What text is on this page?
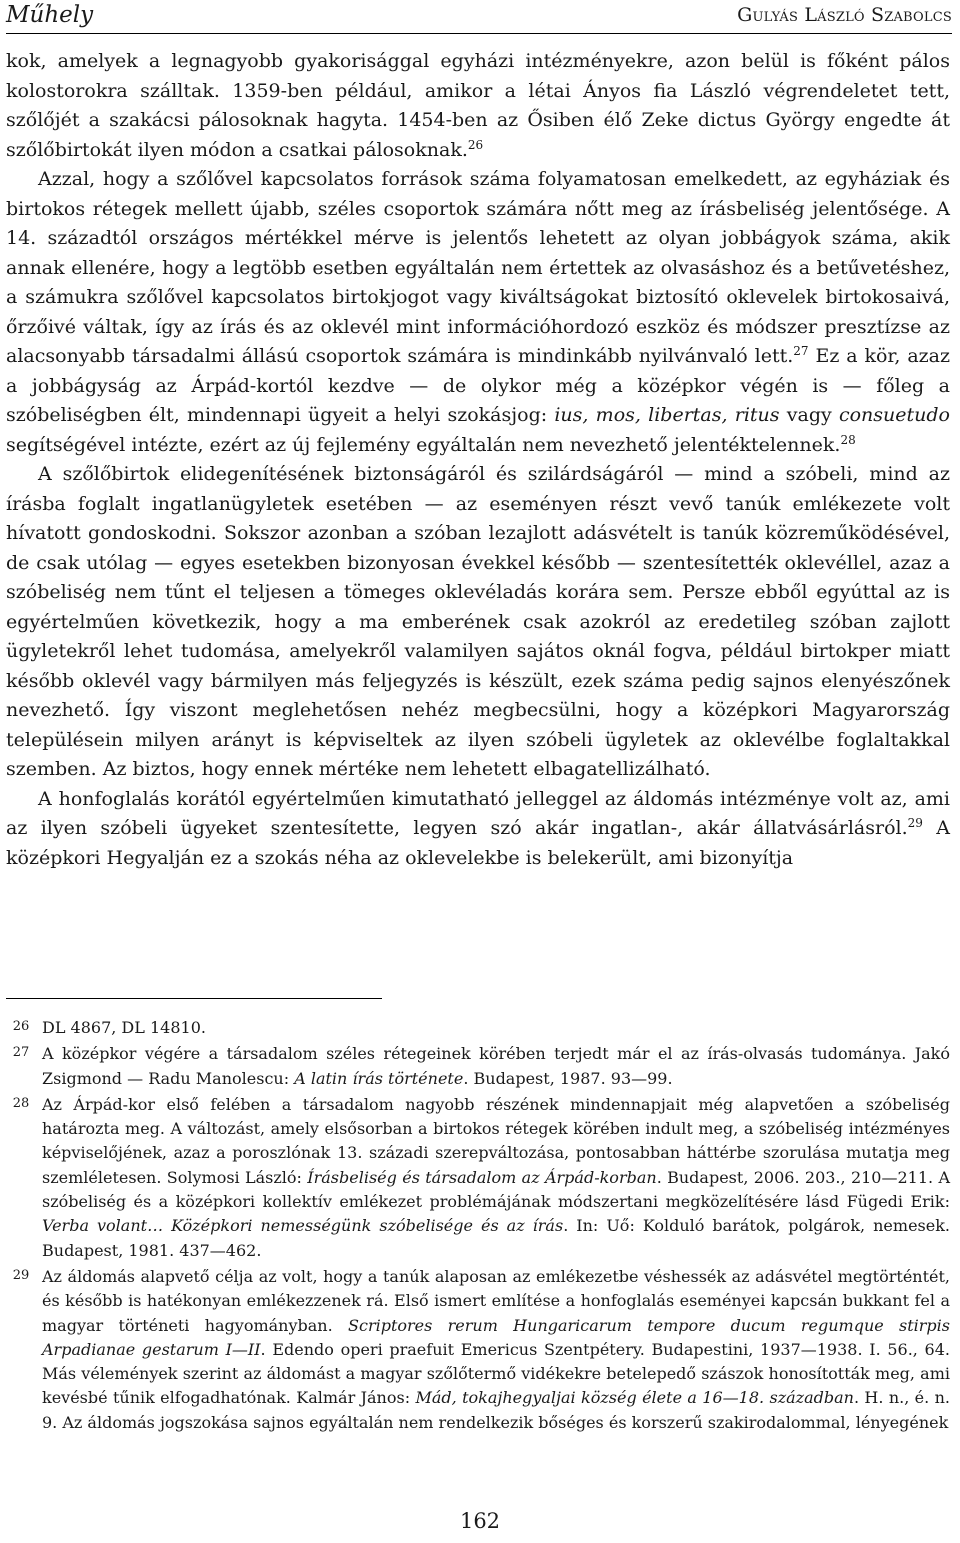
Műhely	Gulyás László Szabolcs

kok, amelyek a legnagyobb gyakorisággal egyházi intézményekre, azon belül is főként pálos kolostorokra szálltak. 1359-ben például, amikor a létai Ányos fia László végrendeletet tett, szőlőjét a szakácsi pálosoknak hagyta. 1454-ben az Ősiben élő Zeke dictus György engedte át szőlőbirtokát ilyen módon a csatkai pálosoknak.$^{26}$

Azzal, hogy a szőlővel kapcsolatos források száma folyamatosan emelkedett, az egyháziak és birtokos rétegek mellett újabb, széles csoportok számára nőtt meg az írásbeliség jelentősége. A 14. századtól országos mértékkel mérve is jelentős lehetett az olyan jobbágyok száma, akik annak ellenére, hogy a legtöbb esetben egyáltalán nem értettek az olvasáshoz és a betűvetéshez, a számukra szőlővel kapcsolatos birtokjogot vagy kiváltságokat biztosító oklevelek birtokosaivá, őrzőivé váltak, így az írás és az oklevél mint információhordozó eszköz és módszer presztízse az alacsonyabb társadalmi állású csoportok számára is mindinkább nyilvánvaló lett.$^{27}$ Ez a kör, azaz a jobbágyság az Árpád-kortól kezdve — de olykor még a középkor végén is — főleg a szóbeliségben élt, mindennapi ügyeit a helyi szokásjog: ius, mos, libertas, ritus vagy consuetudo segítségével intézte, ezért az új fejlemény egyáltalán nem nevezhető jelentéktelennek.$^{28}$

A szőlőbirtok elidegenítésének biztonságáról és szilárdságáról — mind a szóbeli, mind az írásba foglalt ingatlanügyletek esetében — az eseményen részt vevő tanúk emlékezete volt hívatott gondoskodni. Sokszor azonban a szóban lezajlott adásvételt is tanúk közreműködésével, de csak utólag — egyes esetekben bizonyosan évekkel később — szentesítették oklevéllel, azaz a szóbeliség nem tűnt el teljesen a tömeges oklevéladás korára sem. Persze ebből egyúttal az is egyértelműen következik, hogy a ma emberének csak azokról az eredetileg szóban zajlott ügyletekről lehet tudomása, amelyekről valamilyen sajátos oknál fogva, például birtokper miatt később oklevél vagy bármilyen más feljegyzés is készült, ezek száma pedig sajnos elenyészőnek nevezhető. Így viszont meglehetősen nehéz megbecsülni, hogy a középkori Magyarország településein milyen arányt is képviseltek az ilyen szóbeli ügyletek az oklevélbe foglaltakkal szemben. Az biztos, hogy ennek mértéke nem lehetett elbagatellizálható.

A honfoglalás korától egyértelműen kimutatható jelleggel az áldomás intézménye volt az, ami az ilyen szóbeli ügyeket szentesítette, legyen szó akár ingatlan-, akár állatvásárlásról.$^{29}$ A középkori Hegyalján ez a szokás néha az oklevelekbe is belekerült, ami bizonyítja

26 DL 4867, DL 14810.
27 A középkor végére a társadalom széles rétegeinek körében terjedt már el az írás-olvasás tudománya. Jakó Zsigmond — Radu Manolescu: A latin írás története. Budapest, 1987. 93—99.
28 Az Árpád-kor első felében a társadalom nagyobb részének mindennapjait még alapvetően a szóbeliség határozta meg. A változást, amely elsősorban a birtokos rétegek körében indult meg, a szóbeliség intézményes képviselőjének, azaz a poroszlónak 13. századi szerepváltozása, pontosabban háttérbe szorulása mutatja meg szemléletesen. Solymosi László: Írásbeliség és társadalom az Árpád-korban. Budapest, 2006. 203., 210—211. A szóbeliség és a középkori kollektív emlékezet problémájának módszertani megközelítésére lásd Fügedi Erik: Verba volant… Középkori nemességünk szóbelisége és az írás. In: Uő: Kolduló barátok, polgárok, nemesek. Budapest, 1981. 437—462.
29 Az áldomás alapvető célja az volt, hogy a tanúk alaposan az emlékezetbe véshessék az adásvétel megtörténtét, és később is hatékonyan emlékezzenek rá. Első ismert említése a honfoglalás eseményei kapcsán bukkant fel a magyar történeti hagyományban. Scriptores rerum Hungaricarum tempore ducum regumque stirpis Arpadianae gestarum I—II. Edendo operi praefuit Emericus Szentpétery. Budapestini, 1937—1938. I. 56., 64. Más vélemények szerint az áldomást a magyar szőlőtermő vidékekre betelepedő szászok honosították meg, ami kevésbé tűnik elfogadhatónak. Kalmár János: Mád, tokajhegyaljai község élete a 16—18. században. H. n., é. n. 9. Az áldomás jogszokása sajnos egyáltalán nem rendelkezik bőséges és korszerű szakirodalommal, lényegének
162
